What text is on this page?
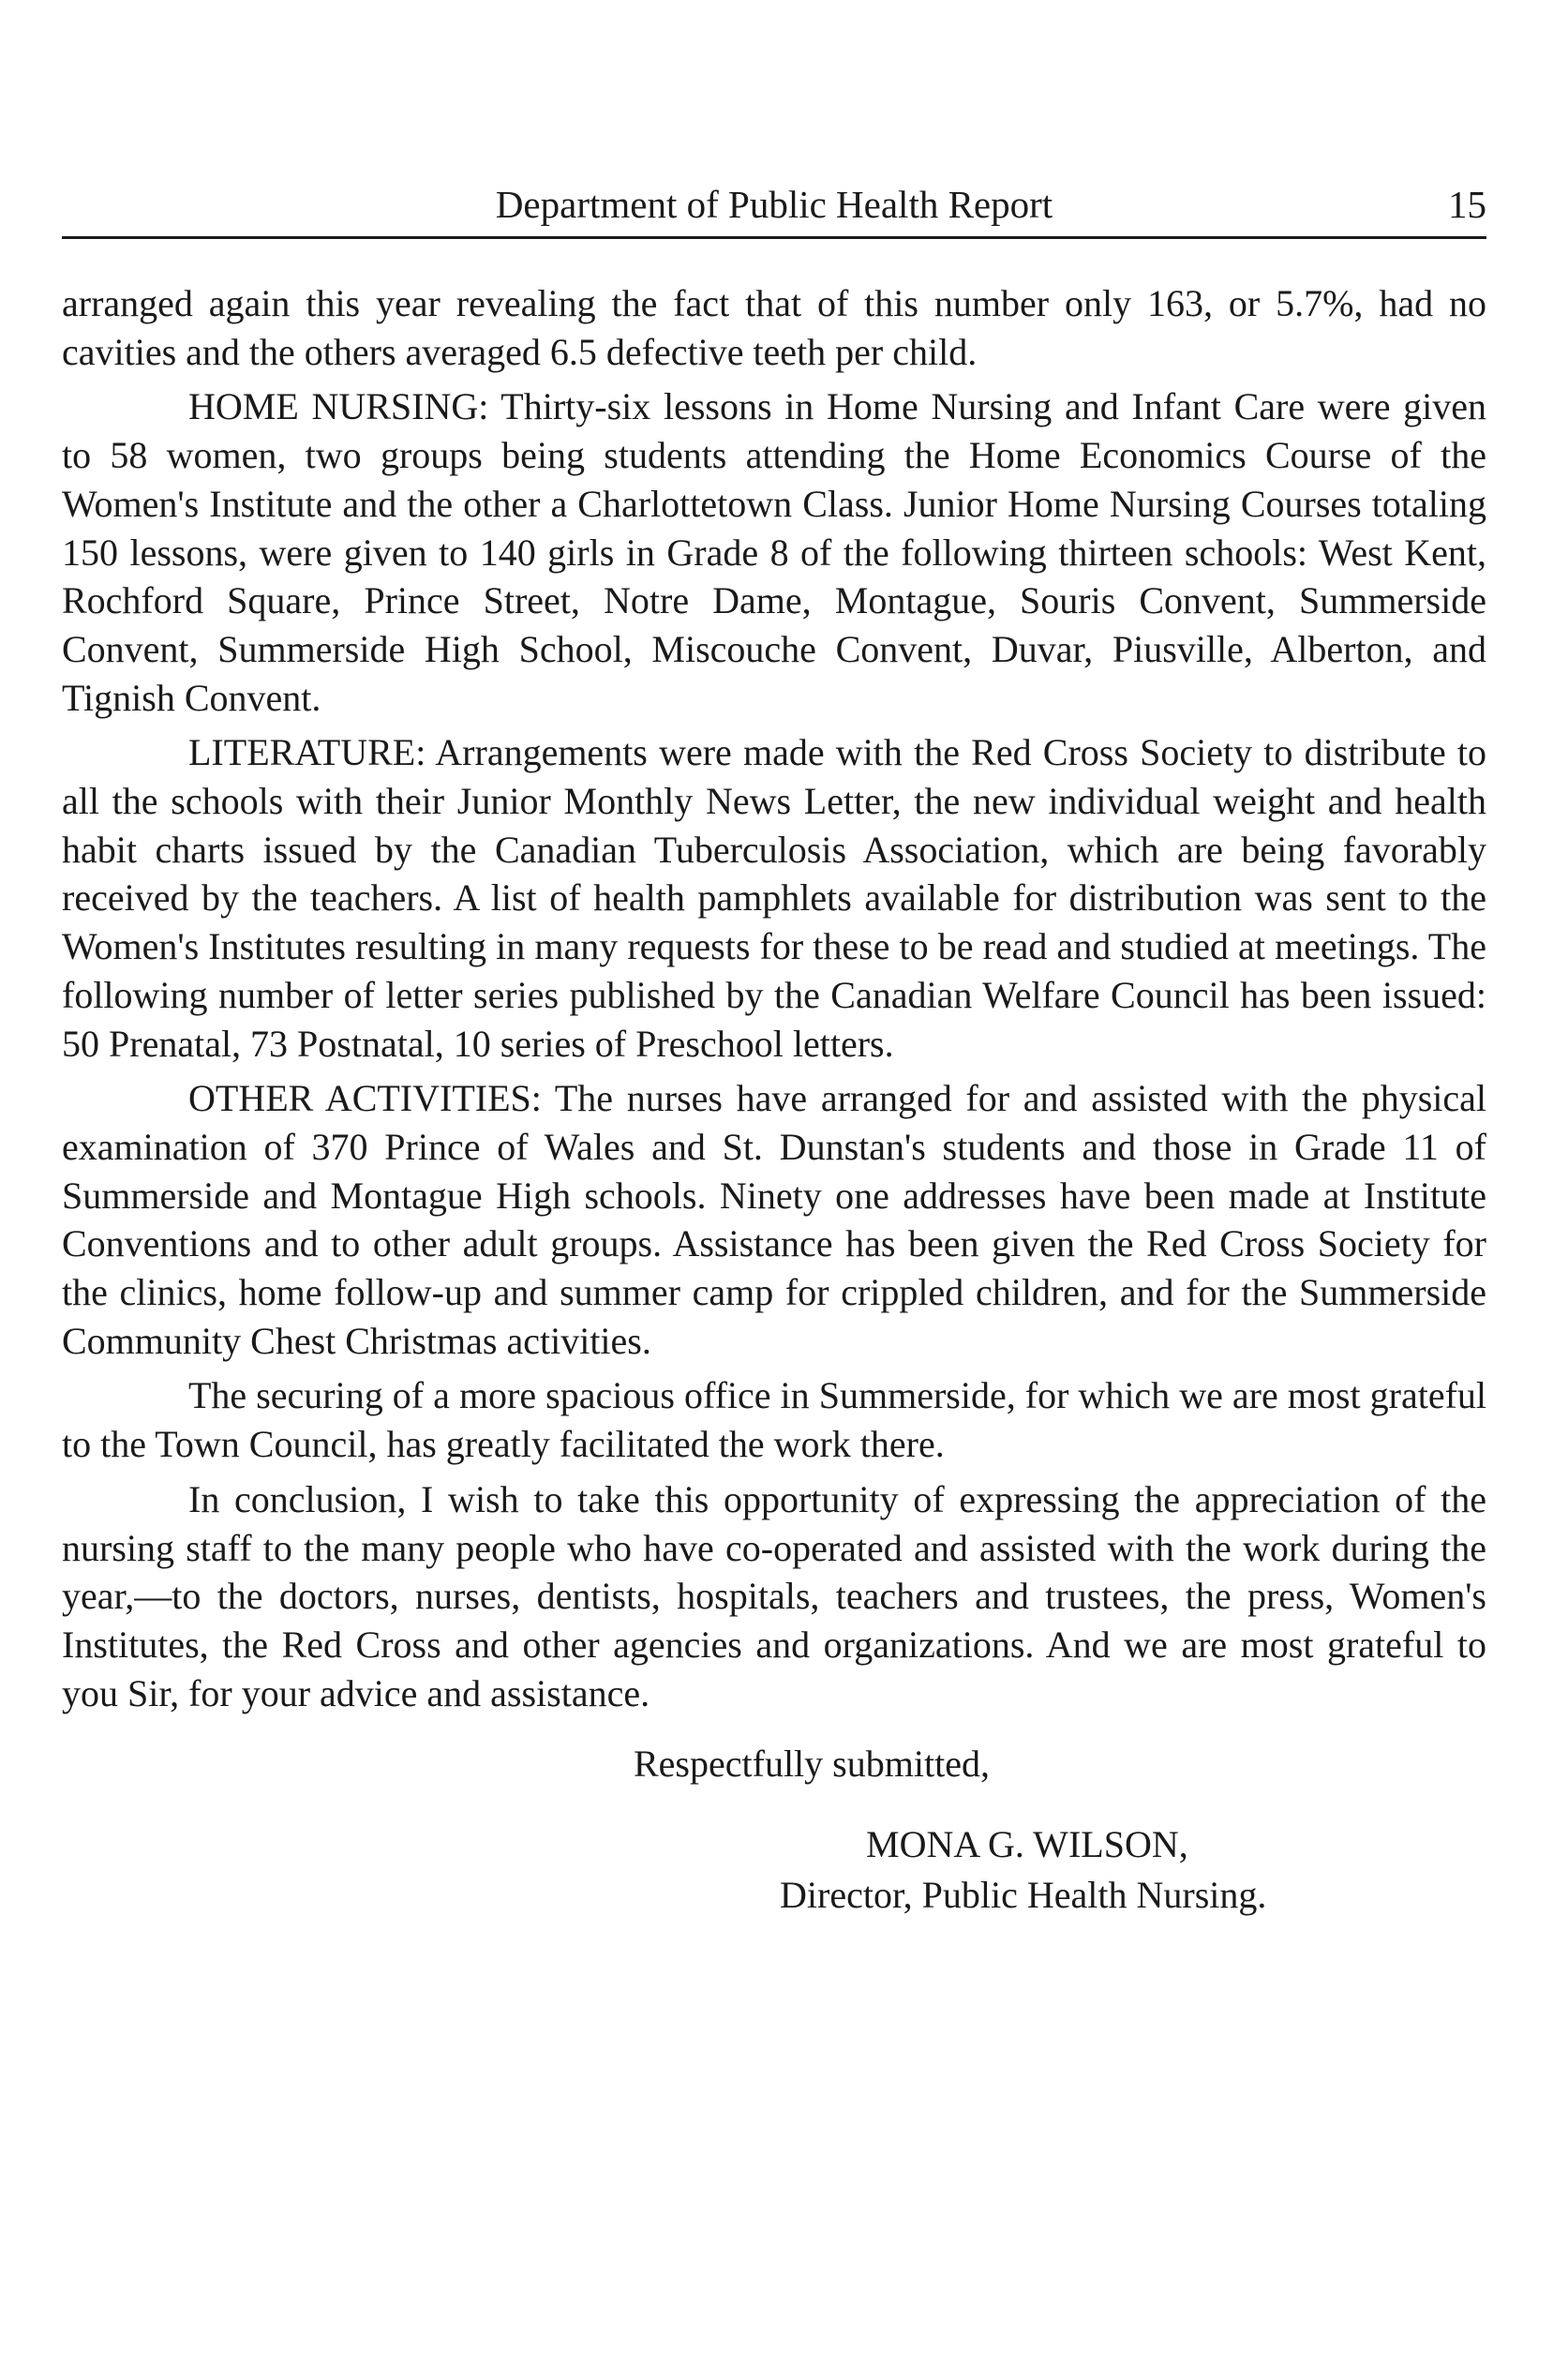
Department of Public Health Report	15

arranged again this year revealing the fact that of this number only 163, or 5.7%, had no cavities and the others averaged 6.5 defective teeth per child.

HOME NURSING: Thirty-six lessons in Home Nursing and Infant Care were given to 58 women, two groups being students attending the Home Economics Course of the Women's Institute and the other a Charlottetown Class. Junior Home Nursing Courses totaling 150 lessons, were given to 140 girls in Grade 8 of the following thirteen schools: West Kent, Rochford Square, Prince Street, Notre Dame, Montague, Souris Convent, Summerside Convent, Summerside High School, Miscouche Convent, Duvar, Piusville, Alberton, and Tignish Convent.

LITERATURE: Arrangements were made with the Red Cross Society to distribute to all the schools with their Junior Monthly News Letter, the new individual weight and health habit charts issued by the Canadian Tuberculosis Association, which are being favorably received by the teachers. A list of health pamphlets available for distribution was sent to the Women's Institutes resulting in many requests for these to be read and studied at meetings. The following number of letter series published by the Canadian Welfare Council has been issued: 50 Prenatal, 73 Postnatal, 10 series of Preschool letters.

OTHER ACTIVITIES: The nurses have arranged for and assisted with the physical examination of 370 Prince of Wales and St. Dunstan's students and those in Grade 11 of Summerside and Montague High schools. Ninety one addresses have been made at Institute Conventions and to other adult groups. Assistance has been given the Red Cross Society for the clinics, home follow-up and summer camp for crippled children, and for the Summerside Community Chest Christmas activities.

The securing of a more spacious office in Summerside, for which we are most grateful to the Town Council, has greatly facilitated the work there.

In conclusion, I wish to take this opportunity of expressing the appreciation of the nursing staff to the many people who have co-operated and assisted with the work during the year,—to the doctors, nurses, dentists, hospitals, teachers and trustees, the press, Women's Institutes, the Red Cross and other agencies and organizations. And we are most grateful to you Sir, for your advice and assistance.

Respectfully submitted,
MONA G. WILSON,
Director, Public Health Nursing.
